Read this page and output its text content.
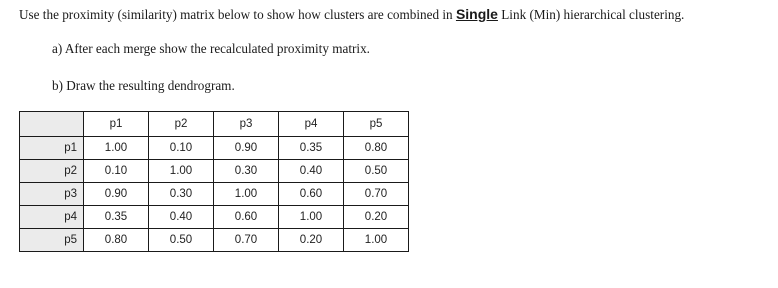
Use the proximity (similarity) matrix below to show how clusters are combined in Single Link (Min) hierarchical clustering.
a) After each merge show the recalculated proximity matrix.
b) Draw the resulting dendrogram.
	p1	p2	p3	p4	p5
p1	1.00	0.10	0.90	0.35	0.80
p2	0.10	1.00	0.30	0.40	0.50
p3	0.90	0.30	1.00	0.60	0.70
p4	0.35	0.40	0.60	1.00	0.20
p5	0.80	0.50	0.70	0.20	1.00
